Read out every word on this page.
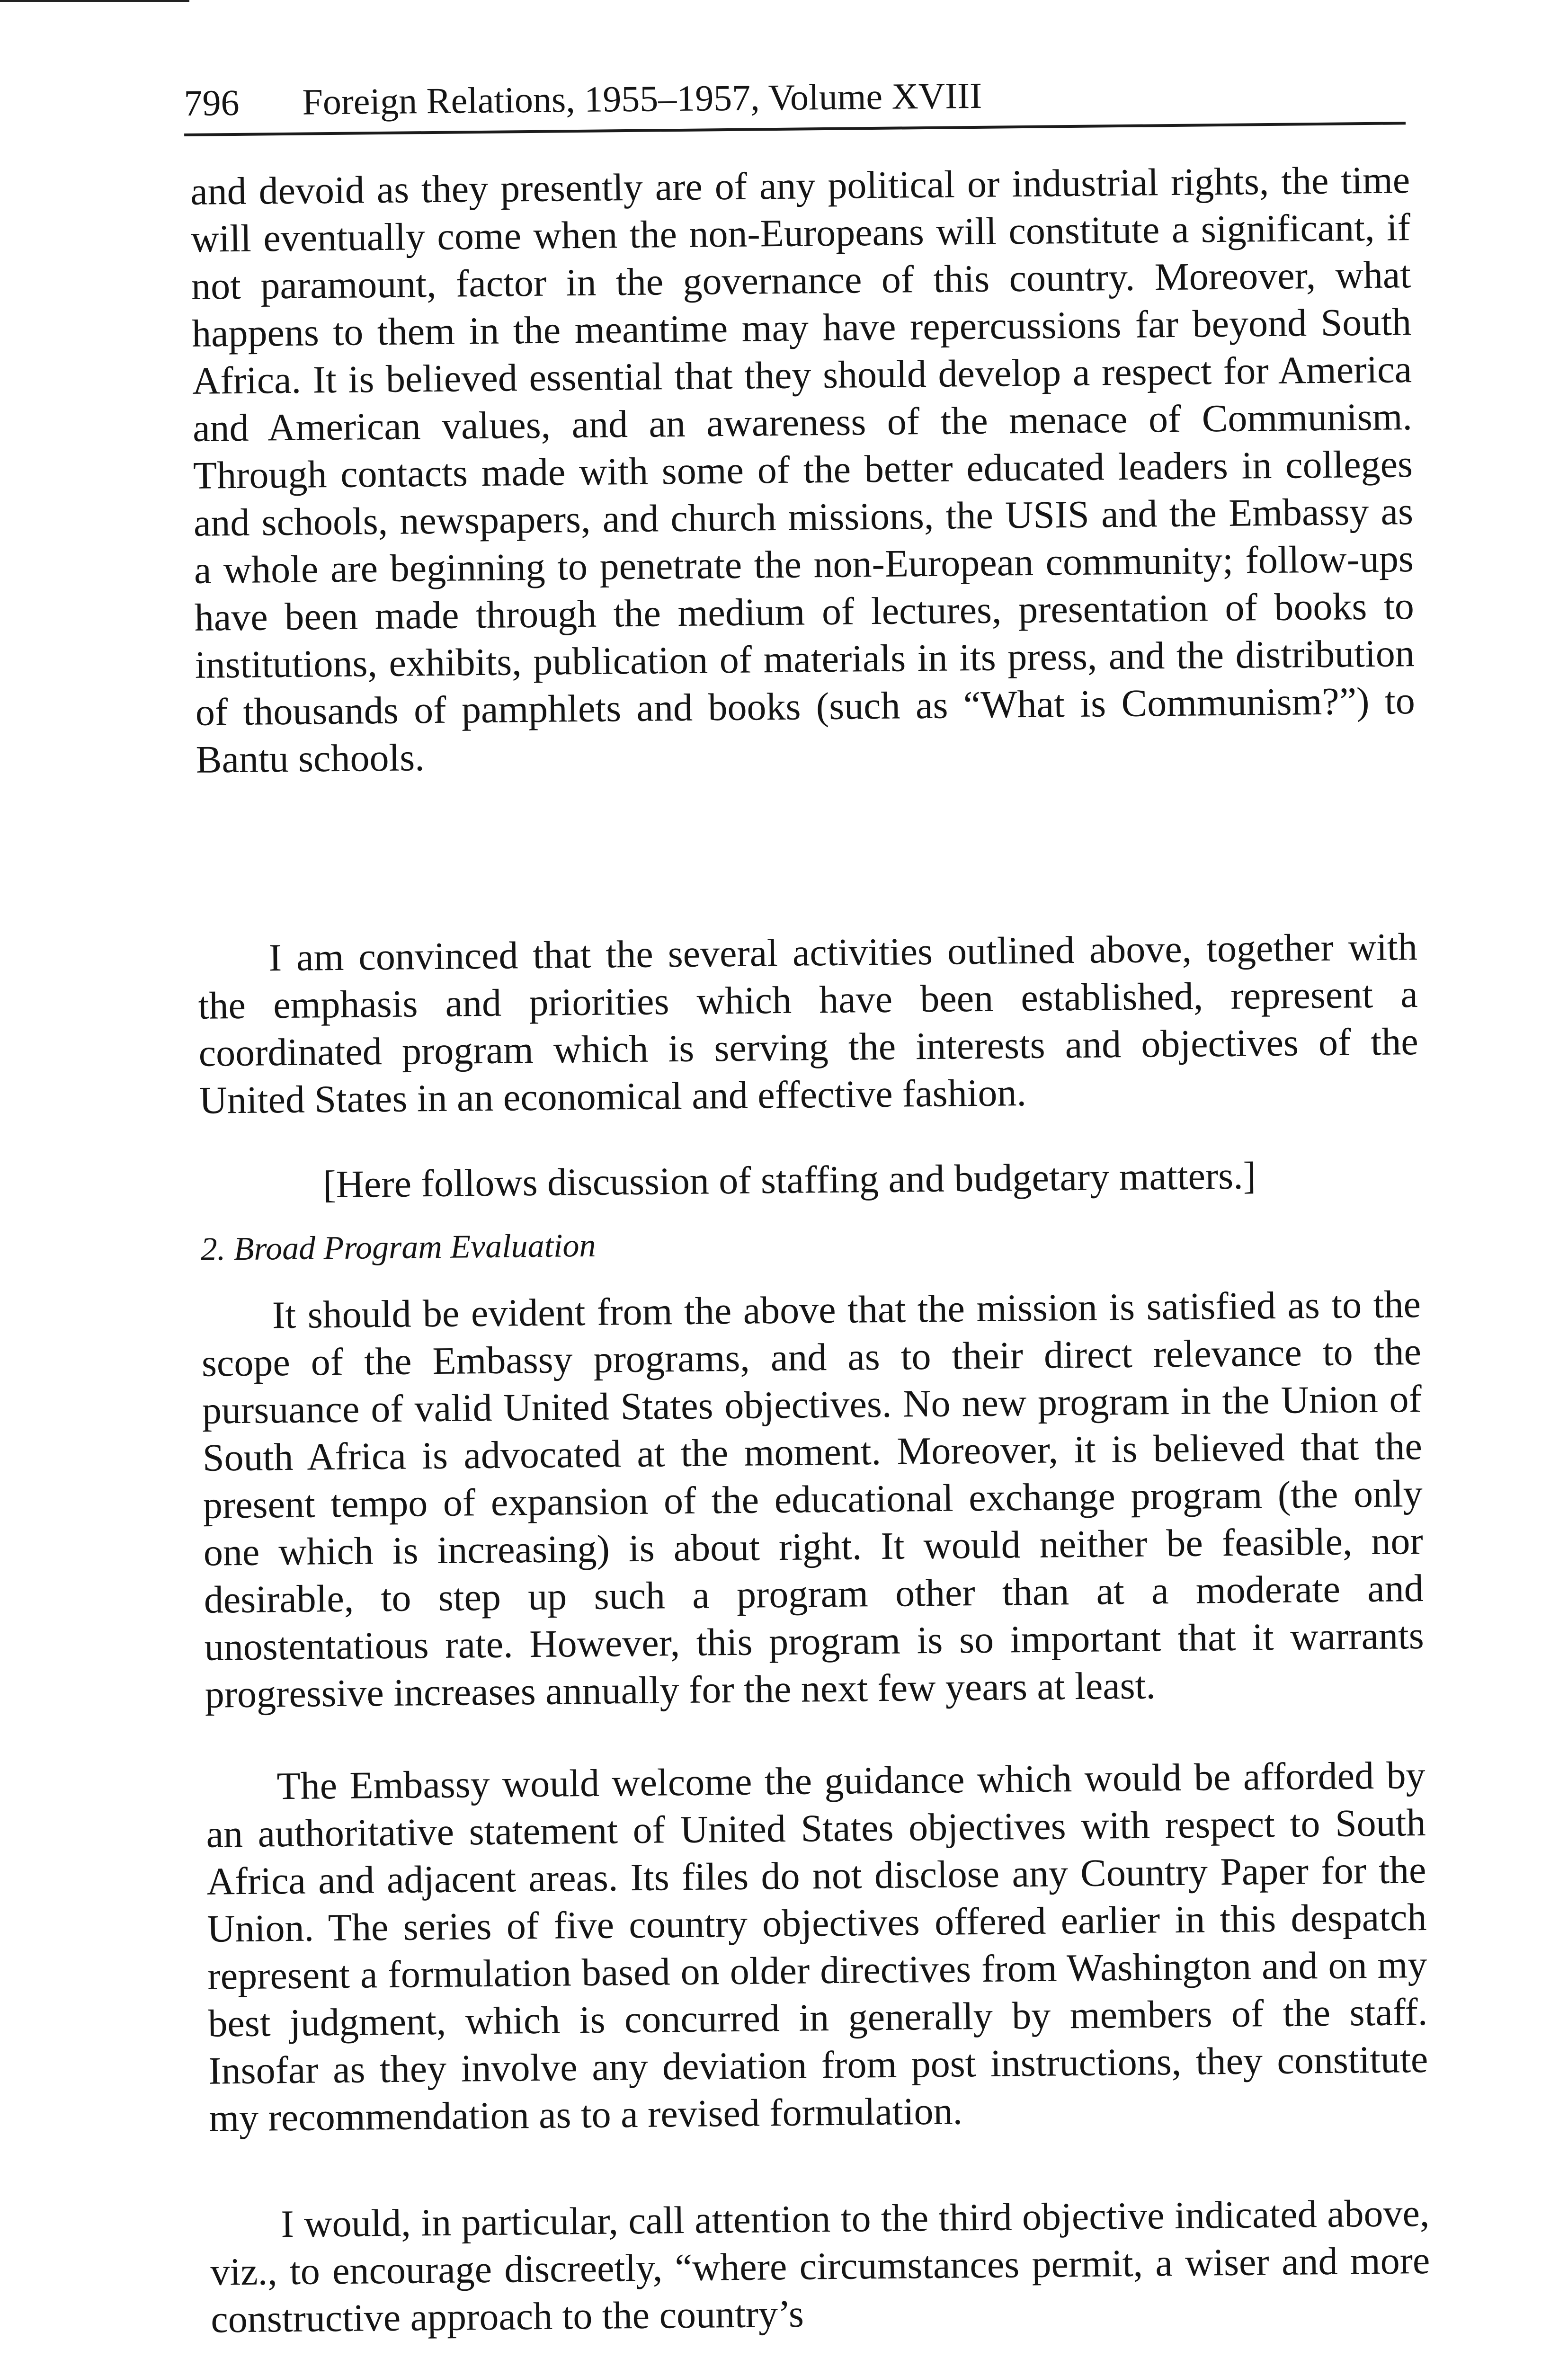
796 Foreign Relations, 1955–1957, Volume XVIII

and devoid as they presently are of any political or industrial rights, the time will eventually come when the non-Europeans will constitute a significant, if not paramount, factor in the governance of this country. Moreover, what happens to them in the meantime may have repercussions far beyond South Africa. It is believed essential that they should develop a respect for America and American values, and an awareness of the menace of Communism. Through contacts made with some of the better educated leaders in colleges and schools, newspapers, and church missions, the USIS and the Embassy as a whole are beginning to penetrate the non-European community; follow-ups have been made through the medium of lectures, presentation of books to institutions, exhibits, publication of materials in its press, and the distribution of thousands of pamphlets and books (such as “What is Communism?”) to Bantu schools.

I am convinced that the several activities outlined above, together with the emphasis and priorities which have been established, represent a coordinated program which is serving the interests and objectives of the United States in an economical and effective fashion.

[Here follows discussion of staffing and budgetary matters.]

2. Broad Program Evaluation

It should be evident from the above that the mission is satisfied as to the scope of the Embassy programs, and as to their direct relevance to the pursuance of valid United States objectives. No new program in the Union of South Africa is advocated at the moment. Moreover, it is believed that the present tempo of expansion of the educational exchange program (the only one which is increasing) is about right. It would neither be feasible, nor desirable, to step up such a program other than at a moderate and unostentatious rate. However, this program is so important that it warrants progressive increases annually for the next few years at least.

The Embassy would welcome the guidance which would be afforded by an authoritative statement of United States objectives with respect to South Africa and adjacent areas. Its files do not disclose any Country Paper for the Union. The series of five country objectives offered earlier in this despatch represent a formulation based on older directives from Washington and on my best judgment, which is concurred in generally by members of the staff. Insofar as they involve any deviation from post instructions, they constitute my recommendation as to a revised formulation.

I would, in particular, call attention to the third objective indicated above, viz., to encourage discreetly, “where circumstances permit, a wiser and more constructive approach to the country’s
